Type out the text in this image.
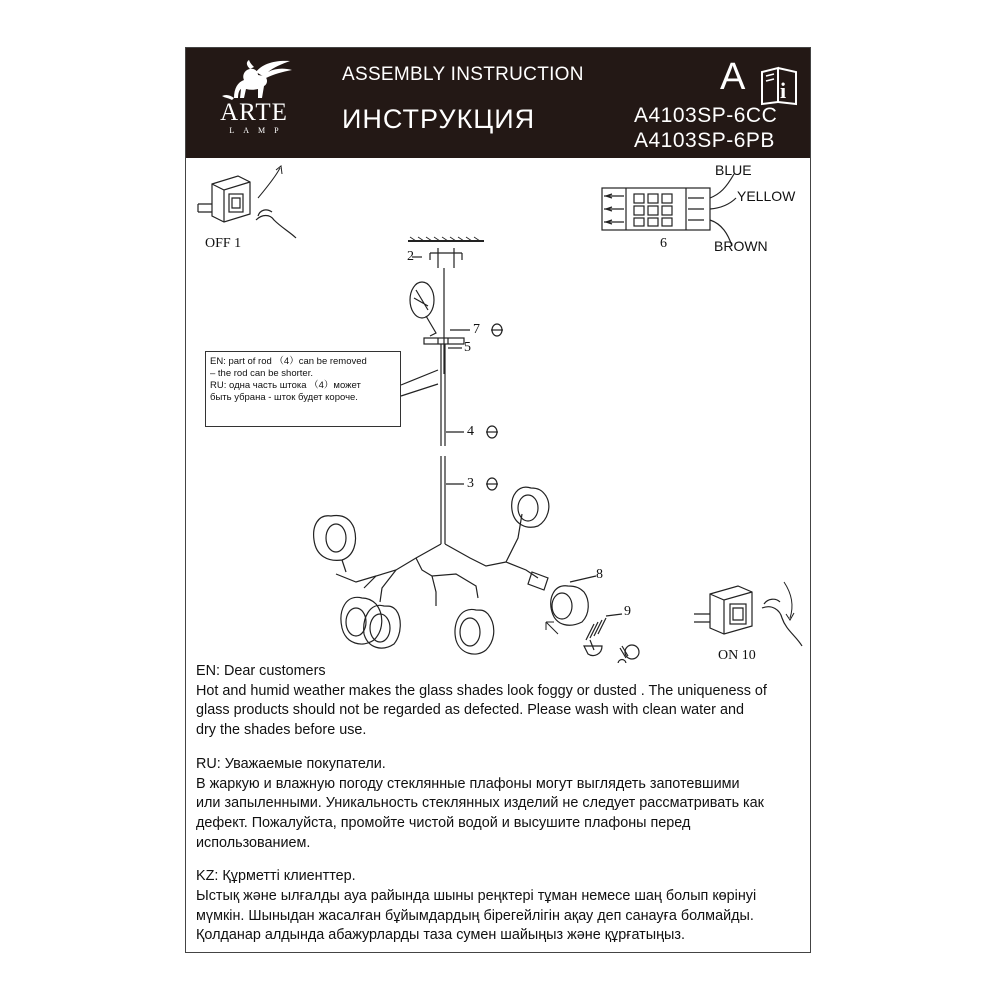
ARTE
LAMP
ASSEMBLY INSTRUCTION
ИНСТРУКЦИЯ
A i
A4103SP-6CC
A4103SP-6PB
OFF 1
ON 10
2
7
5
4
3
8
9
6
BLUE
YELLOW
BROWN
EN: part of rod （4）can be removed
– the rod can be shorter.
RU: одна часть штока （4）может
быть убрана - шток будет короче.

EN: Dear customers

Hot and humid weather makes the glass shades look foggy or dusted . The uniqueness of

glass products should not be regarded as defected. Please wash with clean water and

dry the shades before use.

RU: Уважаемые покупатели.

В жаркую и влажную погоду стеклянные плафоны могут выглядеть запотевшими

или запыленными. Уникальность стеклянных изделий не следует рассматривать как

дефект. Пожалуйста, промойте чистой водой и высушите плафоны перед

использованием.

KZ: Құрметті клиенттер.

Ыстық және ылғалды ауа райында шыны реңктері тұман немесе шаң болып көрінуі

мүмкін. Шыныдан жасалған бұйымдардың бірегейлігін ақау деп санауға болмайды.

Қолданар алдында абажурларды таза сумен шайыңыз және құрғатыңыз.
